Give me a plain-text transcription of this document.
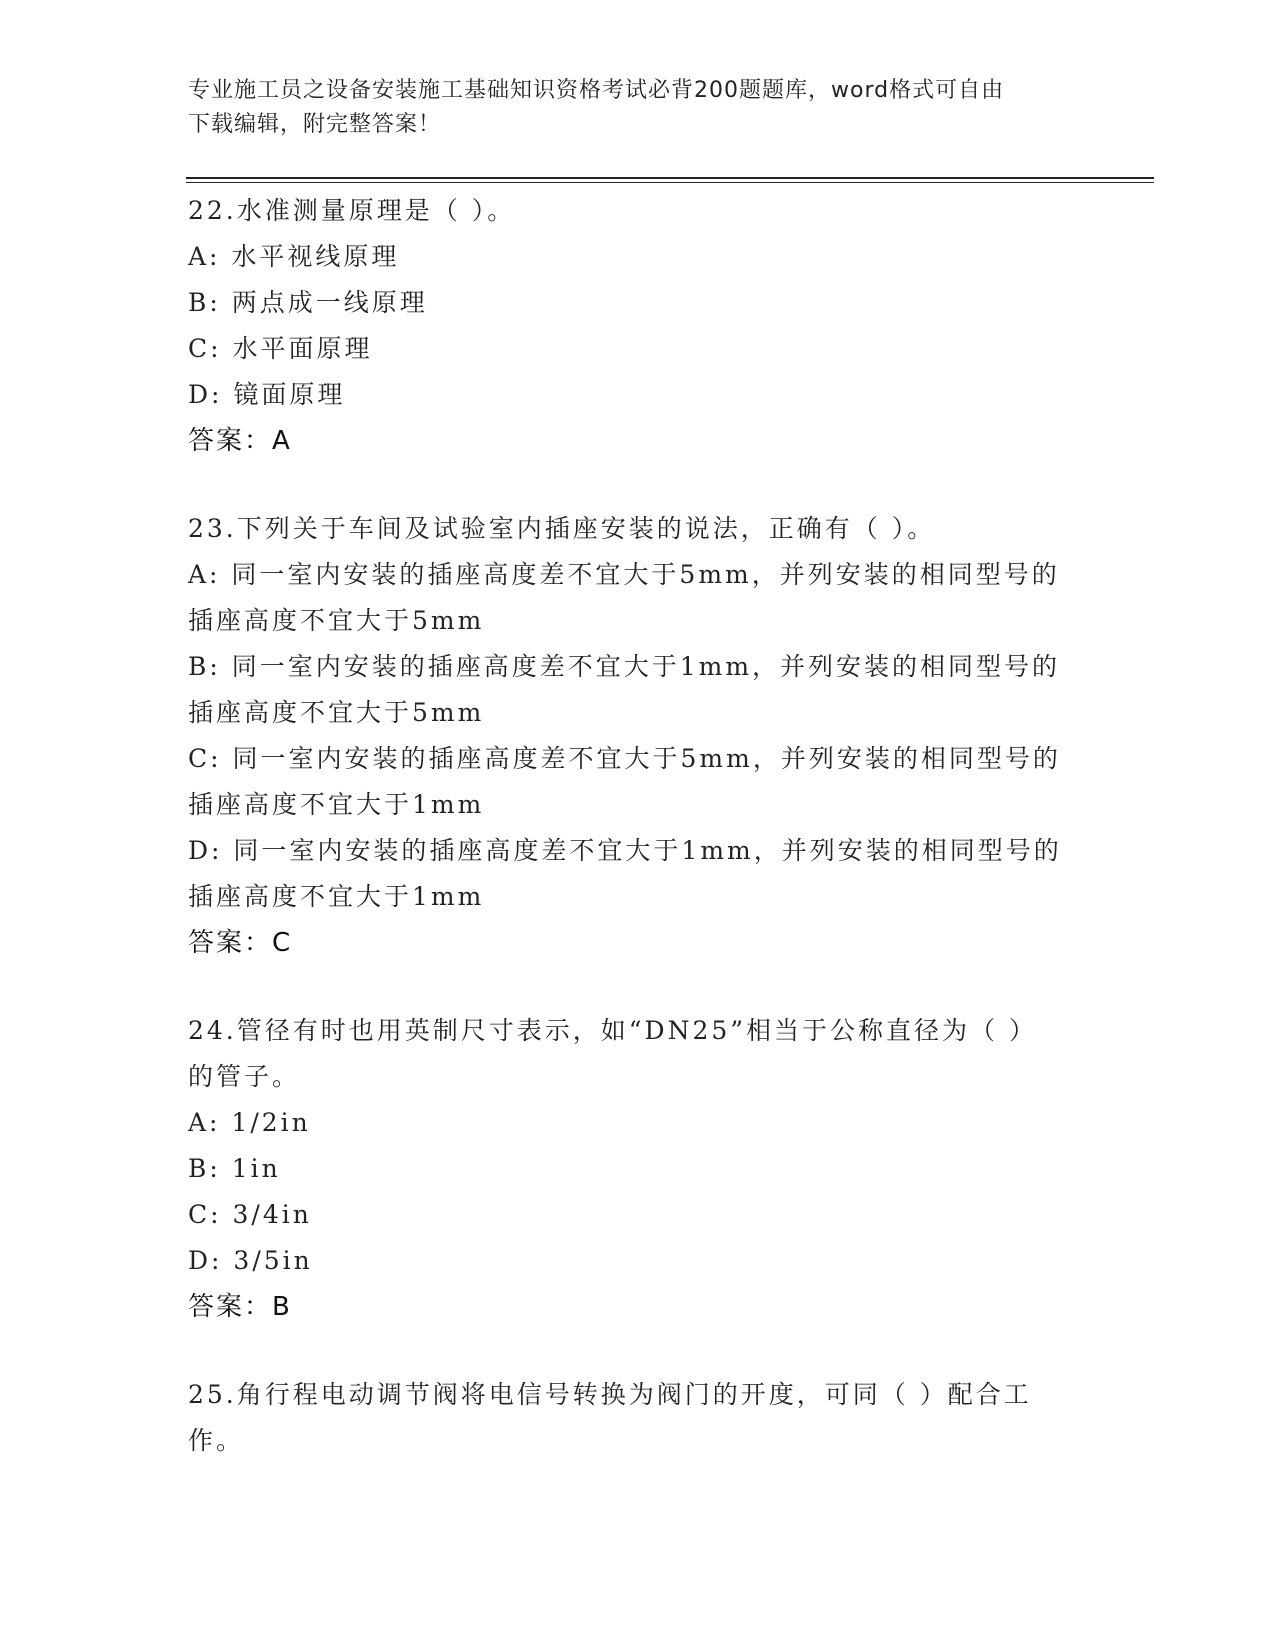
专业施工员之设备安装施工基础知识资格考试必背200题题库，word格式可自由
下载编辑，附完整答案！
22.水准测量原理是（ ）。
A: 水平视线原理
B: 两点成一线原理
C: 水平面原理
D: 镜面原理
答案：A
23.下列关于车间及试验室内插座安装的说法，正确有（ ）。
A: 同一室内安装的插座高度差不宜大于5mm，并列安装的相同型号的
插座高度不宜大于5mm
B: 同一室内安装的插座高度差不宜大于1mm，并列安装的相同型号的
插座高度不宜大于5mm
C: 同一室内安装的插座高度差不宜大于5mm，并列安装的相同型号的
插座高度不宜大于1mm
D: 同一室内安装的插座高度差不宜大于1mm，并列安装的相同型号的
插座高度不宜大于1mm
答案：C
24.管径有时也用英制尺寸表示，如“DN25”相当于公称直径为（ ）
的管子。
A: 1/2in
B: 1in
C: 3/4in
D: 3/5in
答案：B
25.角行程电动调节阀将电信号转换为阀门的开度，可同（ ）配合工
作。
